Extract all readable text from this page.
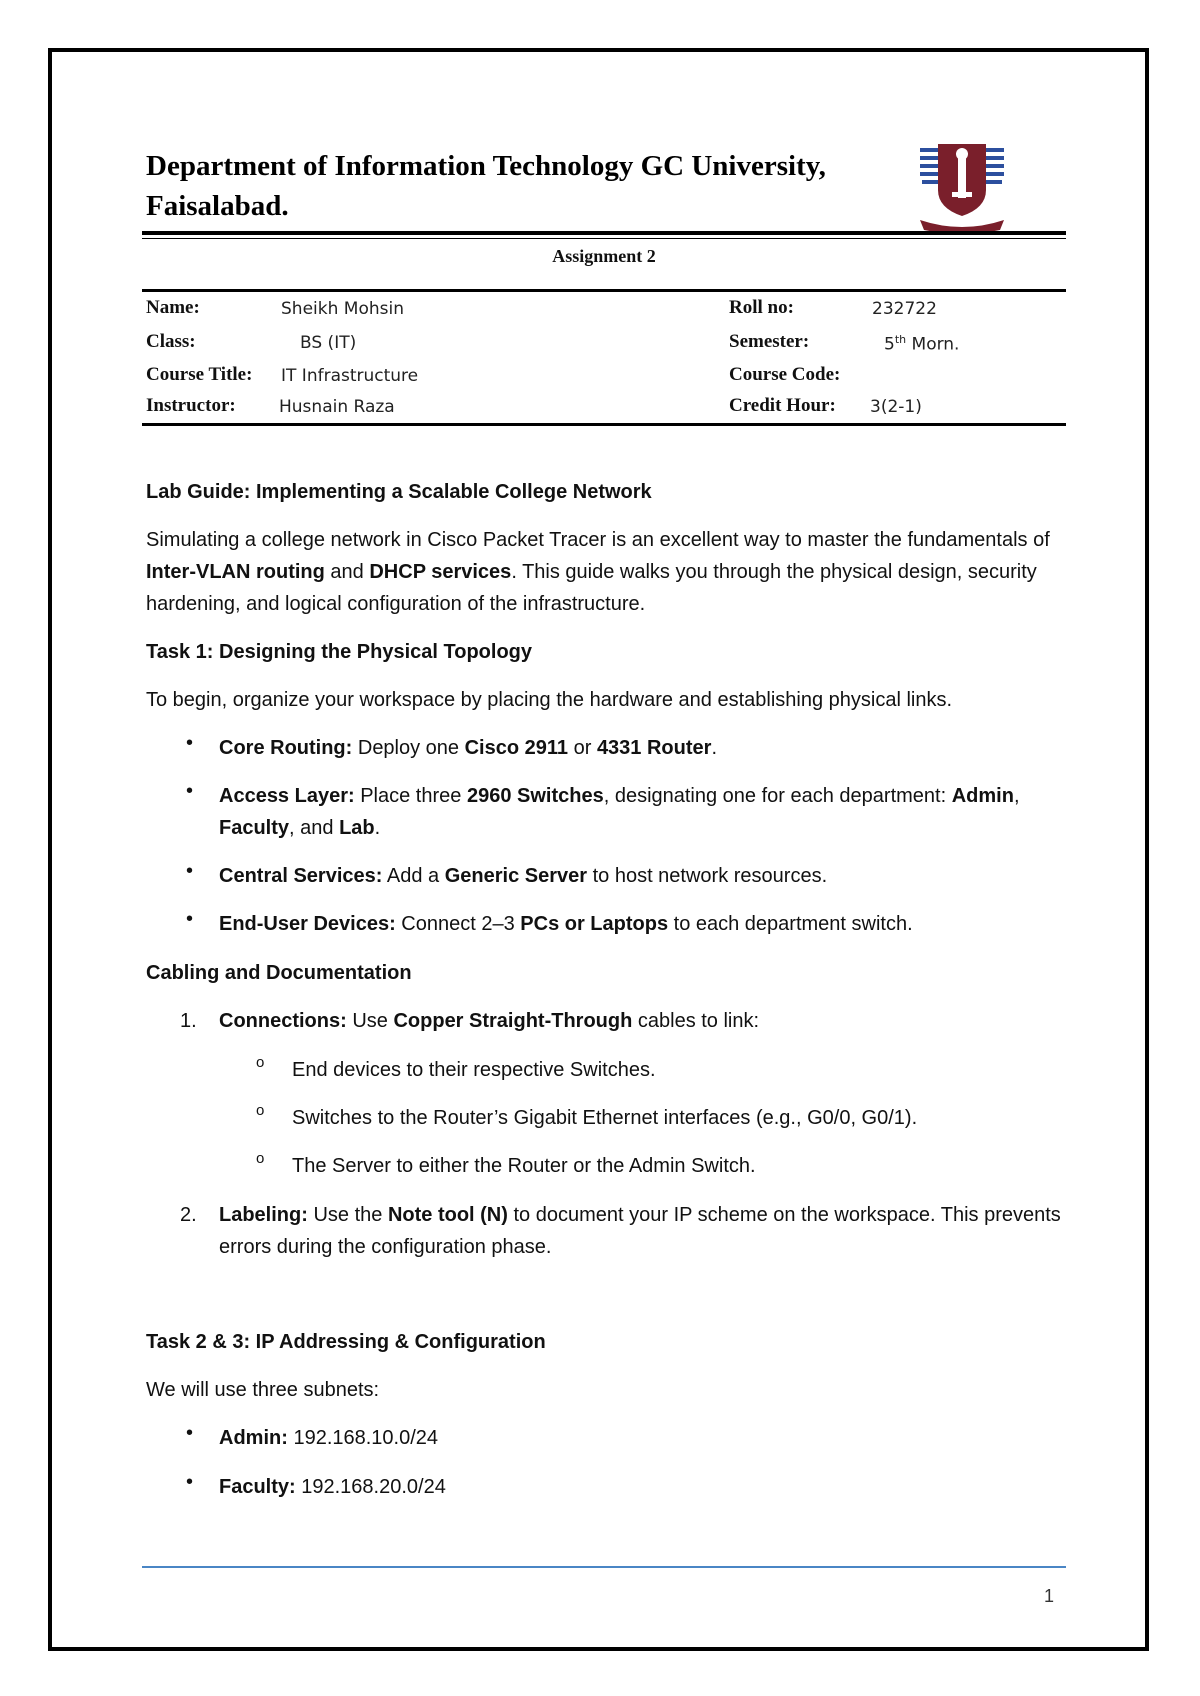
Department of Information Technology GC University, Faisalabad.
Assignment 2
Name:	Sheikh Mohsin	Roll no:	232722
Class:	BS (IT)	Semester:	5th Morn.
Course Title: IT Infrastructure	Course Code:
Instructor:	Husnain Raza	Credit Hour: 3(2-1)
Lab Guide: Implementing a Scalable College Network
Simulating a college network in Cisco Packet Tracer is an excellent way to master the fundamentals of Inter-VLAN routing and DHCP services. This guide walks you through the physical design, security hardening, and logical configuration of the infrastructure.
Task 1: Designing the Physical Topology
To begin, organize your workspace by placing the hardware and establishing physical links.
• Core Routing: Deploy one Cisco 2911 or 4331 Router.
• Access Layer: Place three 2960 Switches, designating one for each department: Admin, Faculty, and Lab.
• Central Services: Add a Generic Server to host network resources.
• End-User Devices: Connect 2–3 PCs or Laptops to each department switch.
Cabling and Documentation
1.	Connections: Use Copper Straight-Through cables to link:
o End devices to their respective Switches.
o Switches to the Router’s Gigabit Ethernet interfaces (e.g., G0/0, G0/1).
o The Server to either the Router or the Admin Switch.
2.	Labeling: Use the Note tool (N) to document your IP scheme on the workspace. This prevents errors during the configuration phase.
Task 2 & 3: IP Addressing & Configuration
We will use three subnets:
• Admin: 192.168.10.0/24
• Faculty: 192.168.20.0/24
1
